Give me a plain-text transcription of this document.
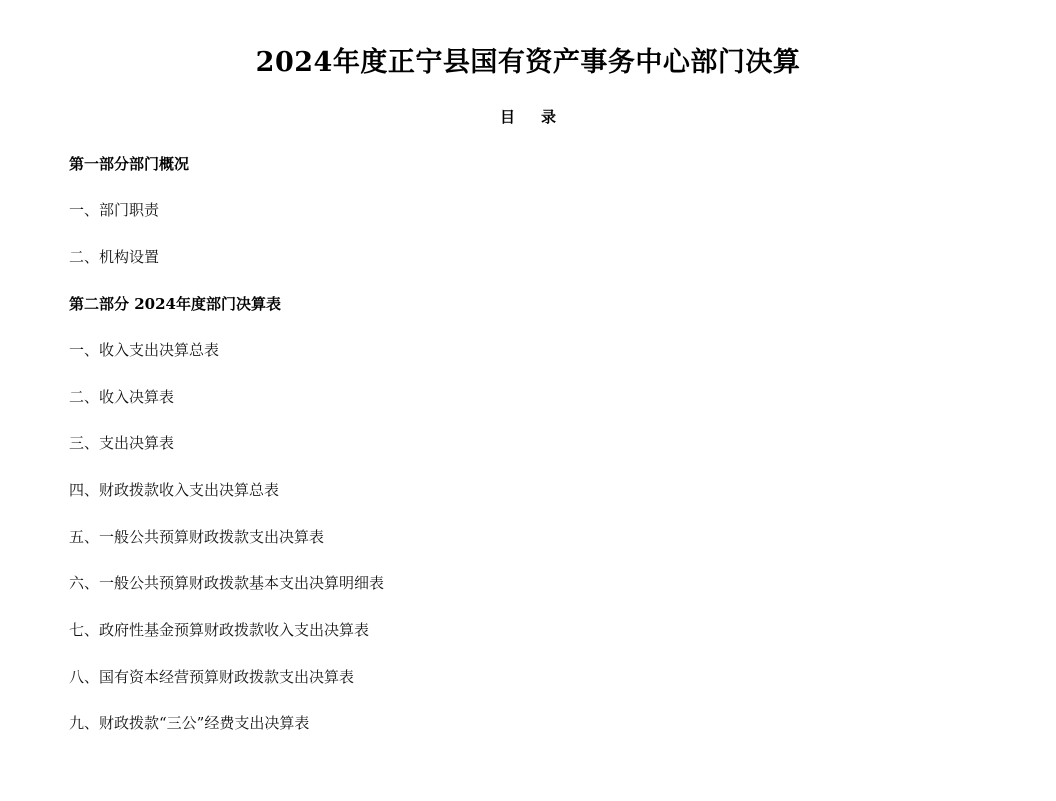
2024年度正宁县国有资产事务中心部门决算
目 录
第一部分部门概况
一、部门职责
二、机构设置
第二部分 2024年度部门决算表
一、收入支出决算总表
二、收入决算表
三、支出决算表
四、财政拨款收入支出决算总表
五、一般公共预算财政拨款支出决算表
六、一般公共预算财政拨款基本支出决算明细表
七、政府性基金预算财政拨款收入支出决算表
八、国有资本经营预算财政拨款支出决算表
九、财政拨款“三公”经费支出决算表
